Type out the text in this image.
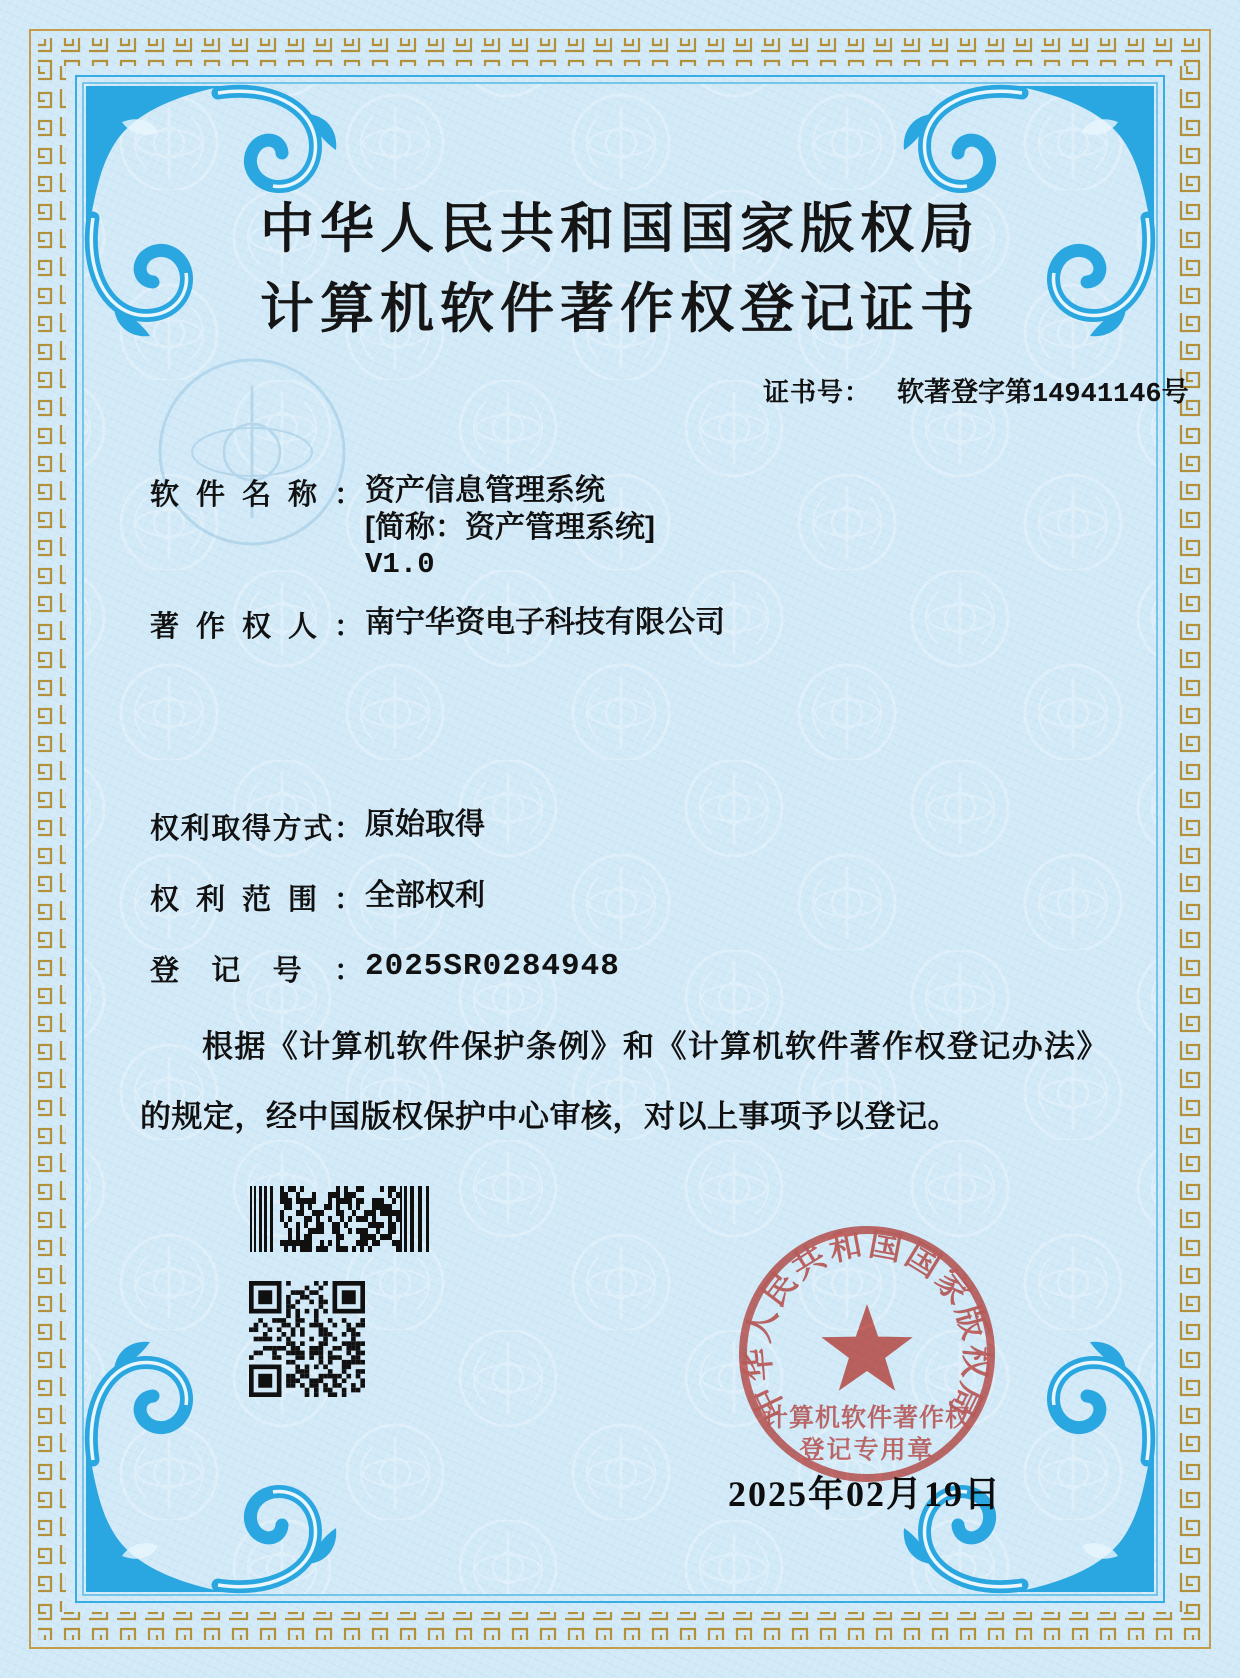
中华人民共和国国家版权局
计算机软件著作权登记证书
证书号： 软著登字第14941146号
软 件 名 称 ： 资产信息管理系统
[简称：资产管理系统]
V1.0
著 作 权 人 ： 南宁华资电子科技有限公司
权 利 取 得 方 式 ： 原始取得
权 利 范 围 ： 全部权利
登 记 号 ： 2025SR0284948
根据《计算机软件保护条例》和《计算机软件著作权登记办法》的规定，经中国版权保护中心审核，对以上事项予以登记。
中华人民共和国国家版权局
计算机软件著作权
登记专用章
2025年02月19日
